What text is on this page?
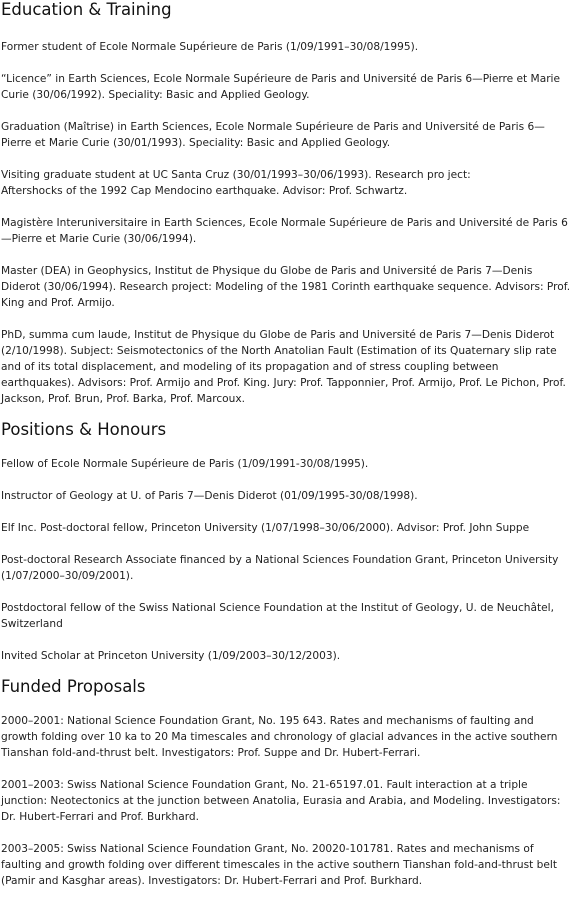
Education & Training

Former student of Ecole Normale Supérieure de Paris (1/09/1991–30/08/1995).

“Licence” in Earth Sciences, Ecole Normale Supérieure de Paris and Université de Paris 6—Pierre et Marie Curie (30/06/1992). Speciality: Basic and Applied Geology.

Graduation (Maîtrise) in Earth Sciences, Ecole Normale Supérieure de Paris and Université de Paris 6—Pierre et Marie Curie (30/01/1993). Speciality: Basic and Applied Geology.

Visiting graduate student at UC Santa Cruz (30/01/1993–30/06/1993). Research pro ject: Aftershocks of the 1992 Cap Mendocino earthquake. Advisor: Prof. Schwartz.

Magistère Interuniversitaire in Earth Sciences, Ecole Normale Supérieure de Paris and Université de Paris 6—Pierre et Marie Curie (30/06/1994).

Master (DEA) in Geophysics, Institut de Physique du Globe de Paris and Université de Paris 7—Denis Diderot (30/06/1994). Research project: Modeling of the 1981 Corinth earthquake sequence. Advisors: Prof. King and Prof. Armijo.

PhD, summa cum laude, Institut de Physique du Globe de Paris and Université de Paris 7—Denis Diderot (2/10/1998). Subject: Seismotectonics of the North Anatolian Fault (Estimation of its Quaternary slip rate and of its total displacement, and modeling of its propagation and of stress coupling between earthquakes). Advisors: Prof. Armijo and Prof. King. Jury: Prof. Tapponnier, Prof. Armijo, Prof. Le Pichon, Prof. Jackson, Prof. Brun, Prof. Barka, Prof. Marcoux.

Positions & Honours

Fellow of Ecole Normale Supérieure de Paris (1/09/1991-30/08/1995).

Instructor of Geology at U. of Paris 7—Denis Diderot (01/09/1995-30/08/1998).

Elf Inc. Post-doctoral fellow, Princeton University (1/07/1998–30/06/2000). Advisor: Prof. John Suppe

Post-doctoral Research Associate financed by a National Sciences Foundation Grant, Princeton University (1/07/2000–30/09/2001).

Postdoctoral fellow of the Swiss National Science Foundation at the Institut of Geology, U. de Neuchâtel, Switzerland

Invited Scholar at Princeton University (1/09/2003–30/12/2003).

Funded Proposals

2000–2001: National Science Foundation Grant, No. 195 643. Rates and mechanisms of faulting and growth folding over 10 ka to 20 Ma timescales and chronology of glacial advances in the active southern Tianshan fold-and-thrust belt. Investigators: Prof. Suppe and Dr. Hubert-Ferrari.

2001–2003: Swiss National Science Foundation Grant, No. 21-65197.01. Fault interaction at a triple junction: Neotectonics at the junction between Anatolia, Eurasia and Arabia, and Modeling. Investigators: Dr. Hubert-Ferrari and Prof. Burkhard.

2003–2005: Swiss National Science Foundation Grant, No. 20020-101781. Rates and mechanisms of faulting and growth folding over different timescales in the active southern Tianshan fold-and-thrust belt (Pamir and Kasghar areas). Investigators: Dr. Hubert-Ferrari and Prof. Burkhard.
